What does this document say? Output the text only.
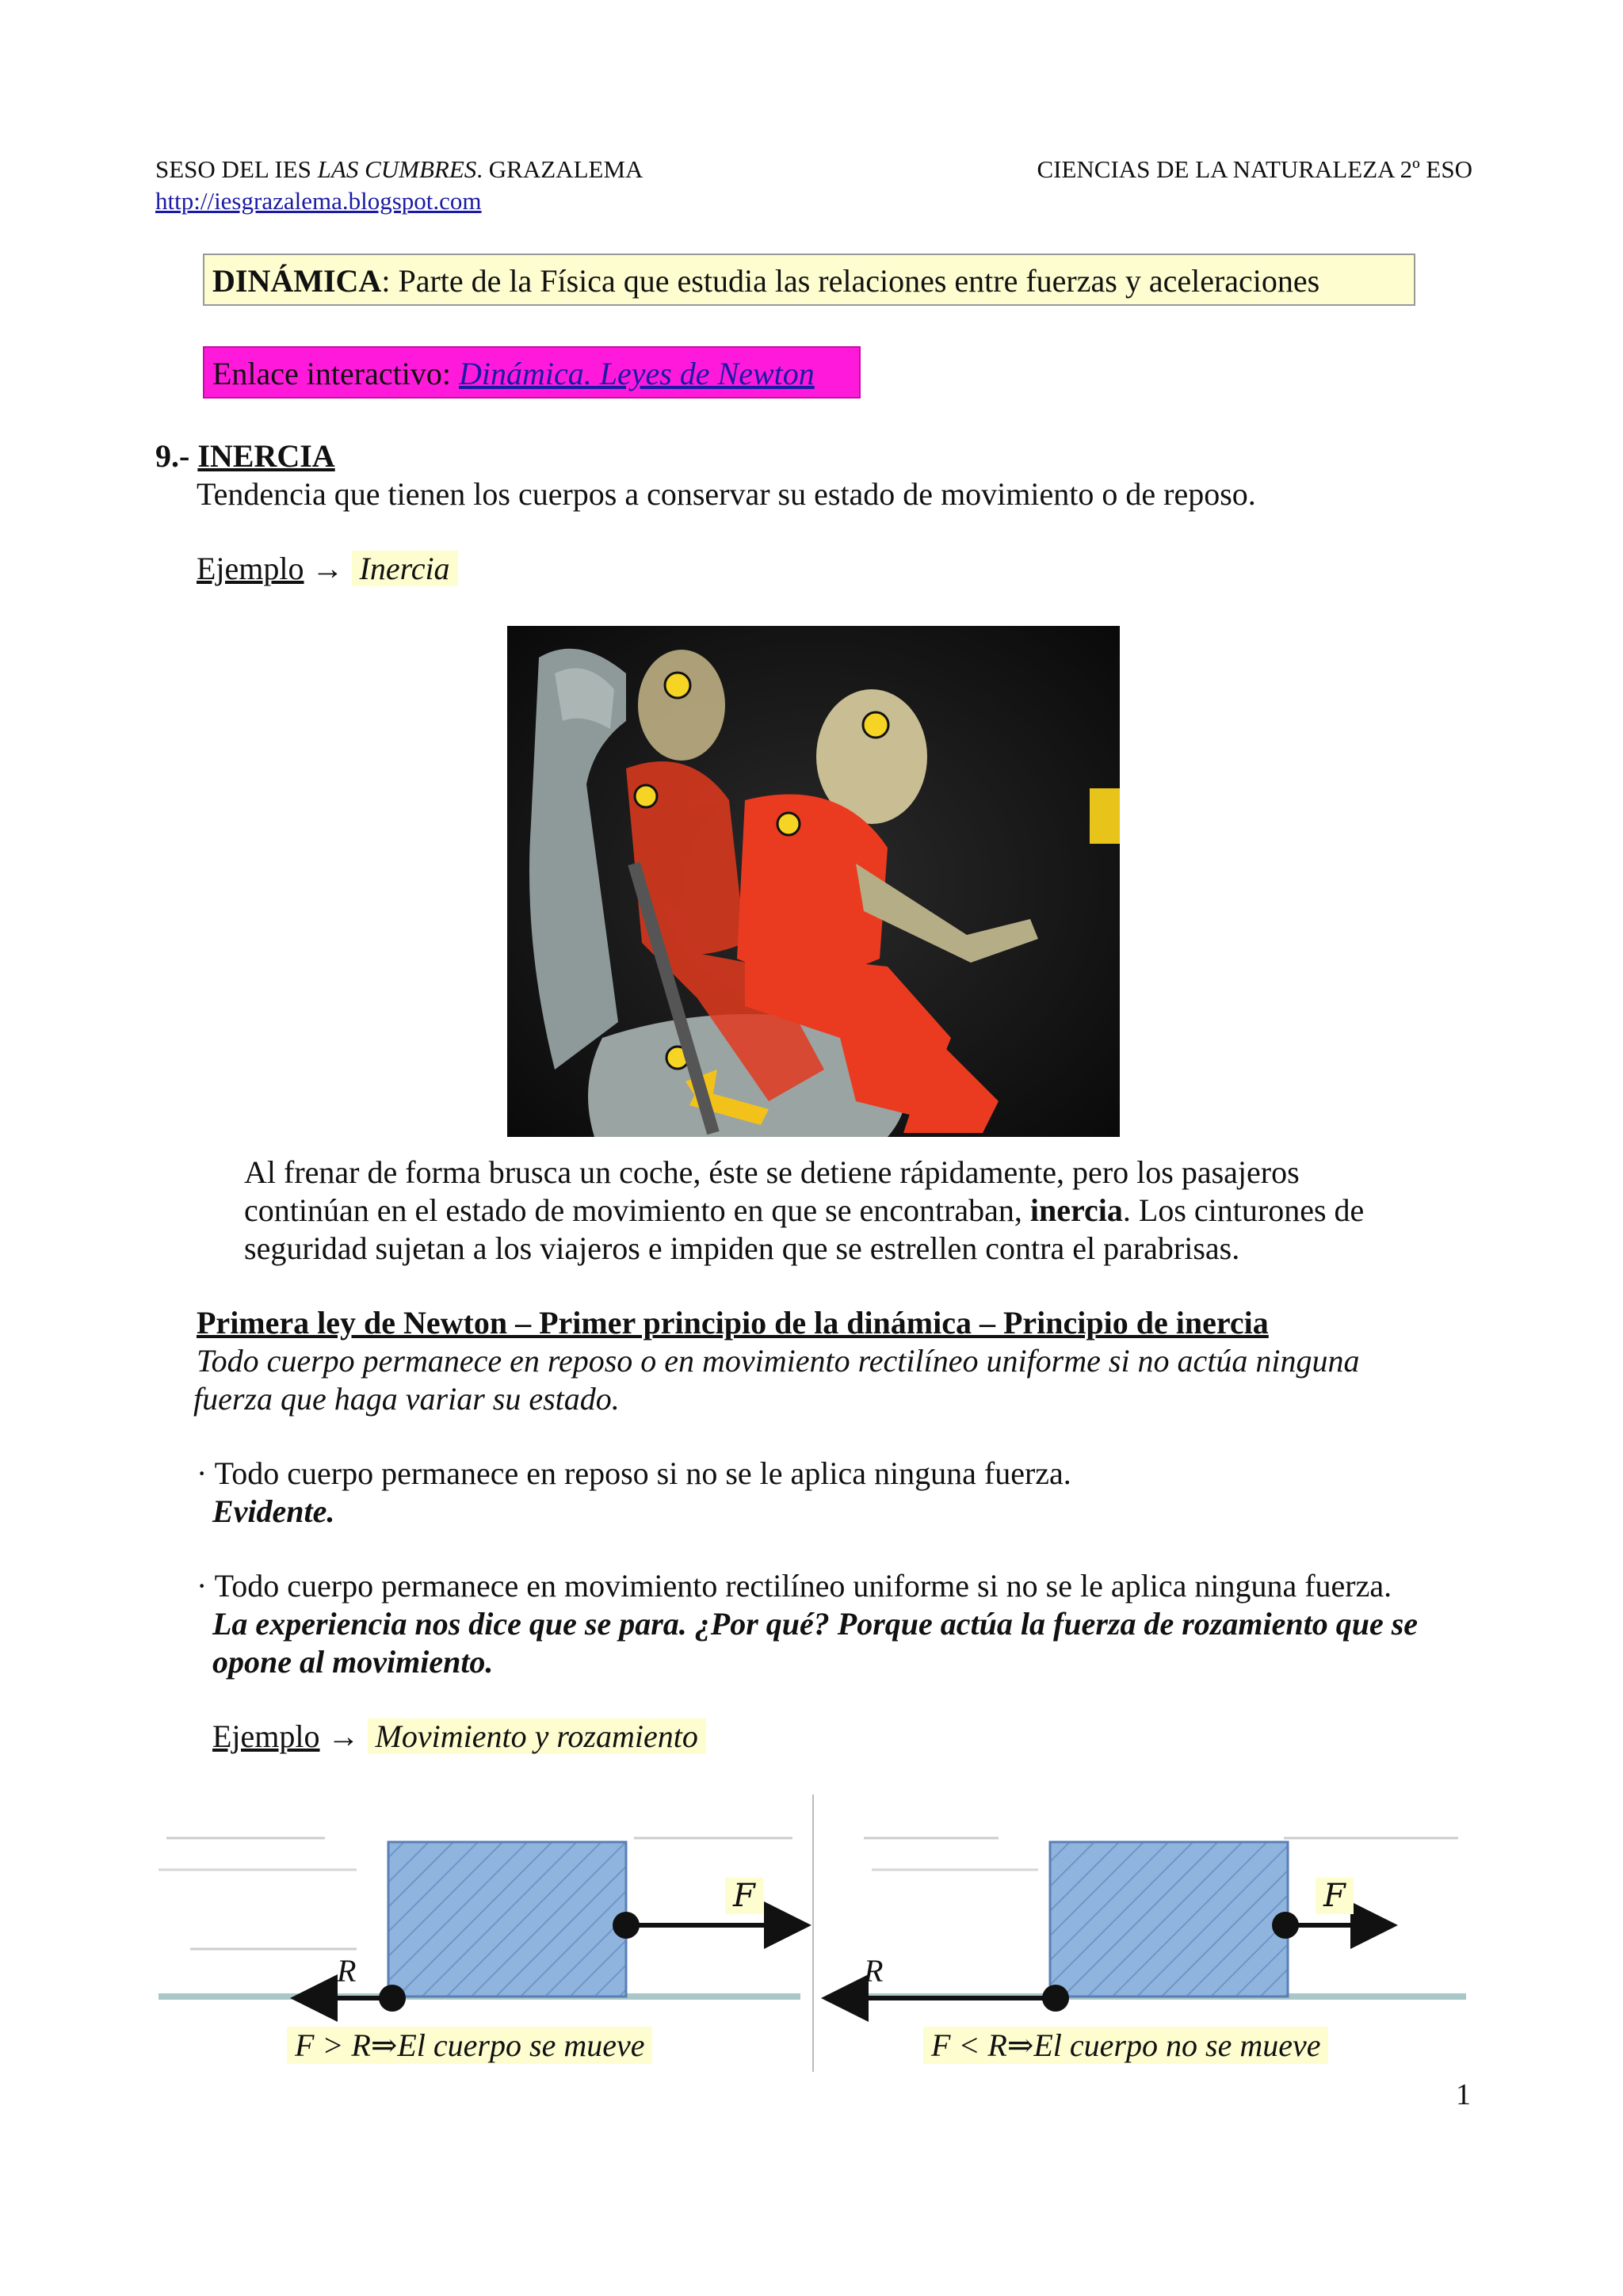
SESO DEL IES LAS CUMBRES. GRAZALEMA	CIENCIAS DE LA NATURALEZA 2º ESO
http://iesgrazalema.blogspot.com
DINÁMICA: Parte de la Física que estudia las relaciones entre fuerzas y aceleraciones
Enlace interactivo: Dinámica. Leyes de Newton
9.- INERCIA
Tendencia que tienen los cuerpos a conservar su estado de movimiento o de reposo.
Ejemplo → Inercia
Al frenar de forma brusca un coche, éste se detiene rápidamente, pero los pasajeros
continúan en el estado de movimiento en que se encontraban, inercia. Los cinturones de
seguridad sujetan a los viajeros e impiden que se estrellen contra el parabrisas.
Primera ley de Newton – Primer principio de la dinámica – Principio de inercia
Todo cuerpo permanece en reposo o en movimiento rectilíneo uniforme si no actúa ninguna
fuerza que haga variar su estado.
· Todo cuerpo permanece en reposo si no se le aplica ninguna fuerza.
Evidente.
· Todo cuerpo permanece en movimiento rectilíneo uniforme si no se le aplica ninguna fuerza.
La experiencia nos dice que se para. ¿Por qué? Porque actúa la fuerza de rozamiento que se
opone al movimiento.
Ejemplo → Movimiento y rozamiento
F
R
F
R
F > R⇒El cuerpo se mueve	F < R⇒El cuerpo no se mueve
1
